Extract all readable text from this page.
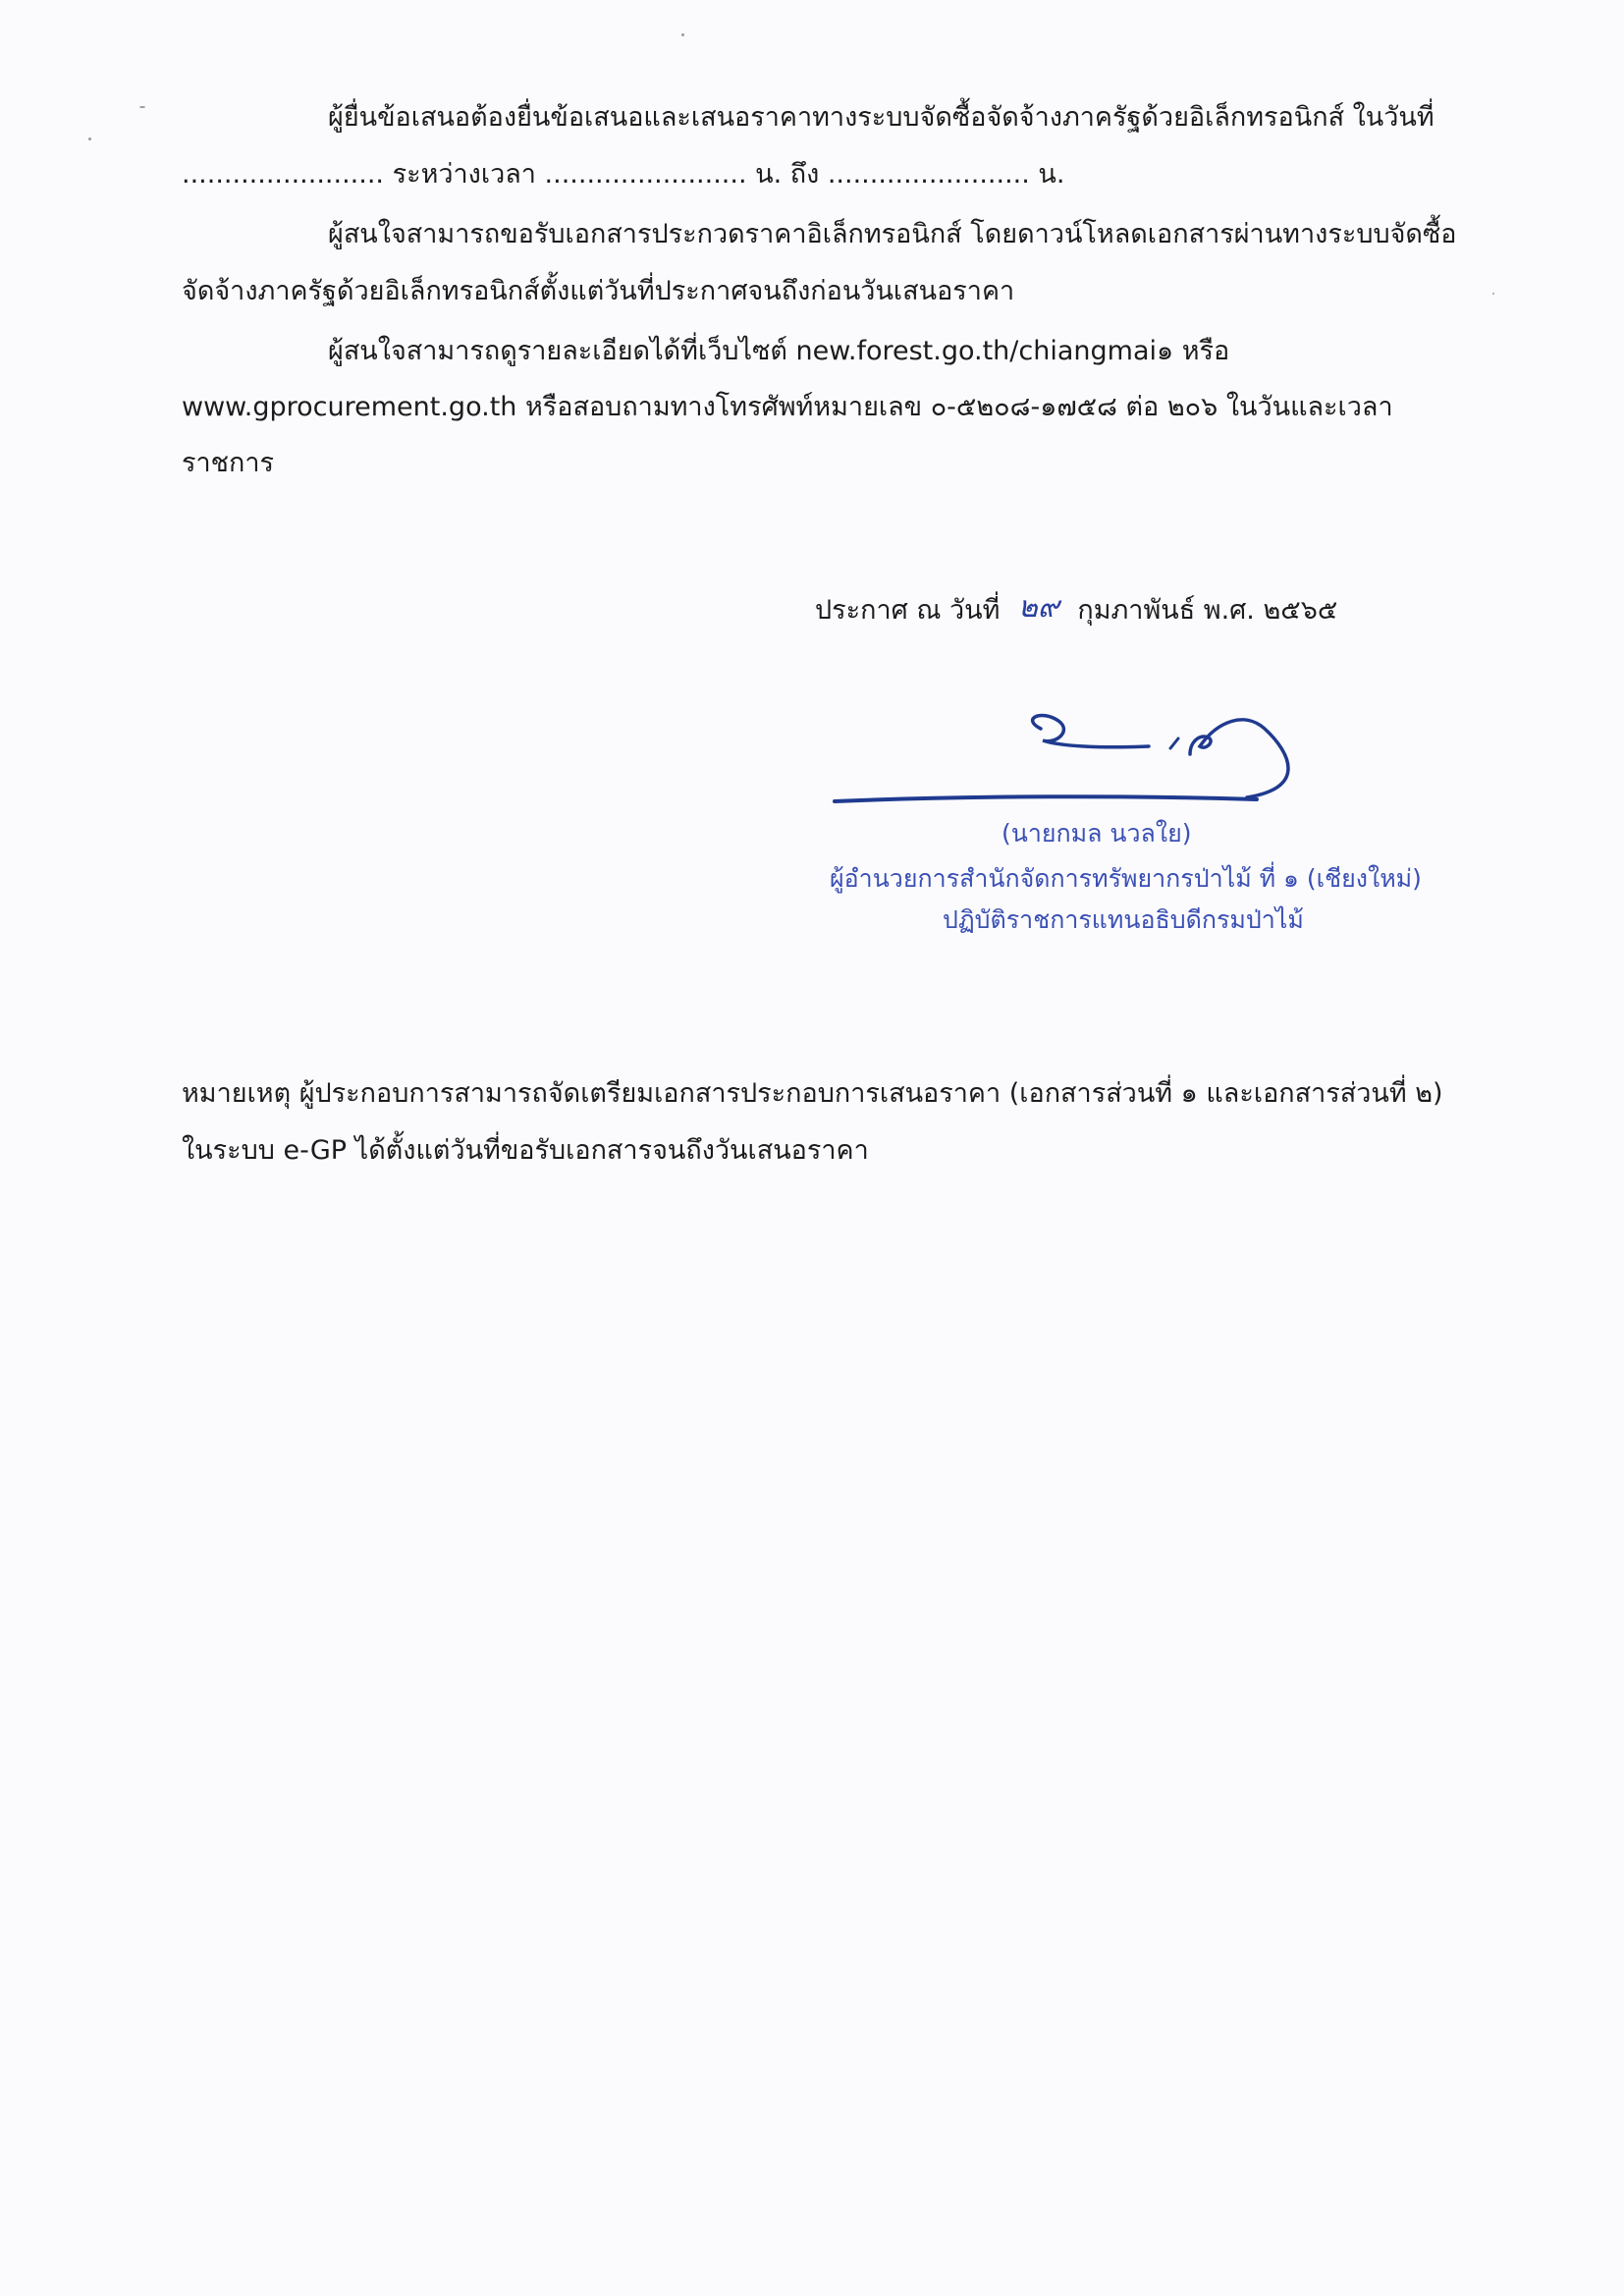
ผู้ยื่นข้อเสนอต้องยื่นข้อเสนอและเสนอราคาทางระบบจัดซื้อจัดจ้างภาครัฐด้วยอิเล็กทรอนิกส์ ในวันที่

........................ ระหว่างเวลา ........................ น. ถึง ........................ น.

ผู้สนใจสามารถขอรับเอกสารประกวดราคาอิเล็กทรอนิกส์ โดยดาวน์โหลดเอกสารผ่านทางระบบจัดซื้อ

จัดจ้างภาครัฐด้วยอิเล็กทรอนิกส์ตั้งแต่วันที่ประกาศจนถึงก่อนวันเสนอราคา

ผู้สนใจสามารถดูรายละเอียดได้ที่เว็บไซต์ new.forest.go.th/chiangmai๑ หรือ

www.gprocurement.go.th หรือสอบถามทางโทรศัพท์หมายเลข ๐-๕๒๐๘-๑๗๕๘ ต่อ ๒๐๖ ในวันและเวลา

ราชการ

ประกาศ ณ วันที่ ๒๙ กุมภาพันธ์ พ.ศ. ๒๕๖๕
(นายกมล นวลใย)
ผู้อำนวยการสำนักจัดการทรัพยากรป่าไม้ ที่ ๑ (เชียงใหม่)
ปฏิบัติราชการแทนอธิบดีกรมป่าไม้

หมายเหตุ ผู้ประกอบการสามารถจัดเตรียมเอกสารประกอบการเสนอราคา (เอกสารส่วนที่ ๑ และเอกสารส่วนที่ ๒)

ในระบบ e-GP ได้ตั้งแต่วันที่ขอรับเอกสารจนถึงวันเสนอราคา
